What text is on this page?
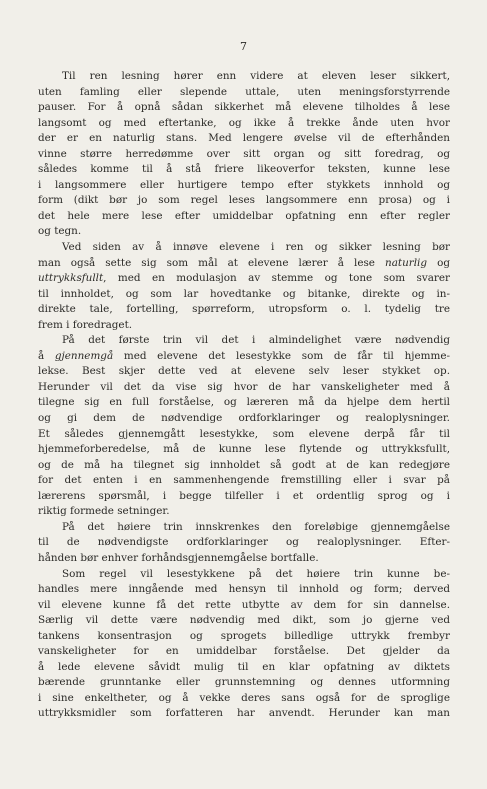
7
Til ren lesning hører enn videre at eleven leser sikkert,
uten famling eller slepende uttale, uten meningsforstyrrende
pauser. For å opnå sådan sikkerhet må elevene tilholdes å lese
langsomt og med eftertanke, og ikke å trekke ånde uten hvor
der er en naturlig stans. Med lengere øvelse vil de efterhånden
vinne større herredømme over sitt organ og sitt foredrag, og
således komme til å stå friere likeoverfor teksten, kunne lese
i langsommere eller hurtigere tempo efter stykkets innhold og
form (dikt bør jo som regel leses langsommere enn prosa) og i
det hele mere lese efter umiddelbar opfatning enn efter regler
og tegn.
Ved siden av å innøve elevene i ren og sikker lesning bør
man også sette sig som mål at elevene lærer å lese naturlig og
uttrykksfullt, med en modulasjon av stemme og tone som svarer
til innholdet, og som lar hovedtanke og bitanke, direkte og in-
direkte tale, fortelling, spørreform, utropsform o. l. tydelig tre
frem i foredraget.
På det første trin vil det i almindelighet være nødvendig
å gjennemgå med elevene det lesestykke som de får til hjemme-
lekse. Best skjer dette ved at elevene selv leser stykket op.
Herunder vil det da vise sig hvor de har vanskeligheter med å
tilegne sig en full forståelse, og læreren må da hjelpe dem hertil
og gi dem de nødvendige ordforklaringer og realoplysninger.
Et således gjennemgått lesestykke, som elevene derpå får til
hjemmeforberedelse, må de kunne lese flytende og uttrykksfullt,
og de må ha tilegnet sig innholdet så godt at de kan redegjøre
for det enten i en sammenhengende fremstilling eller i svar på
lærerens spørsmål, i begge tilfeller i et ordentlig sprog og i
riktig formede setninger.
På det høiere trin innskrenkes den foreløbige gjennemgåelse
til de nødvendigste ordforklaringer og realoplysninger. Efter-
hånden bør enhver forhåndsgjennemgåelse bortfalle.
Som regel vil lesestykkene på det høiere trin kunne be-
handles mere inngående med hensyn til innhold og form; derved
vil elevene kunne få det rette utbytte av dem for sin dannelse.
Særlig vil dette være nødvendig med dikt, som jo gjerne ved
tankens konsentrasjon og sprogets billedlige uttrykk frembyr
vanskeligheter for en umiddelbar forståelse. Det gjelder da
å lede elevene såvidt mulig til en klar opfatning av diktets
bærende grunntanke eller grunnstemning og dennes utformning
i sine enkeltheter, og å vekke deres sans også for de sproglige
uttrykksmidler som forfatteren har anvendt. Herunder kan man
